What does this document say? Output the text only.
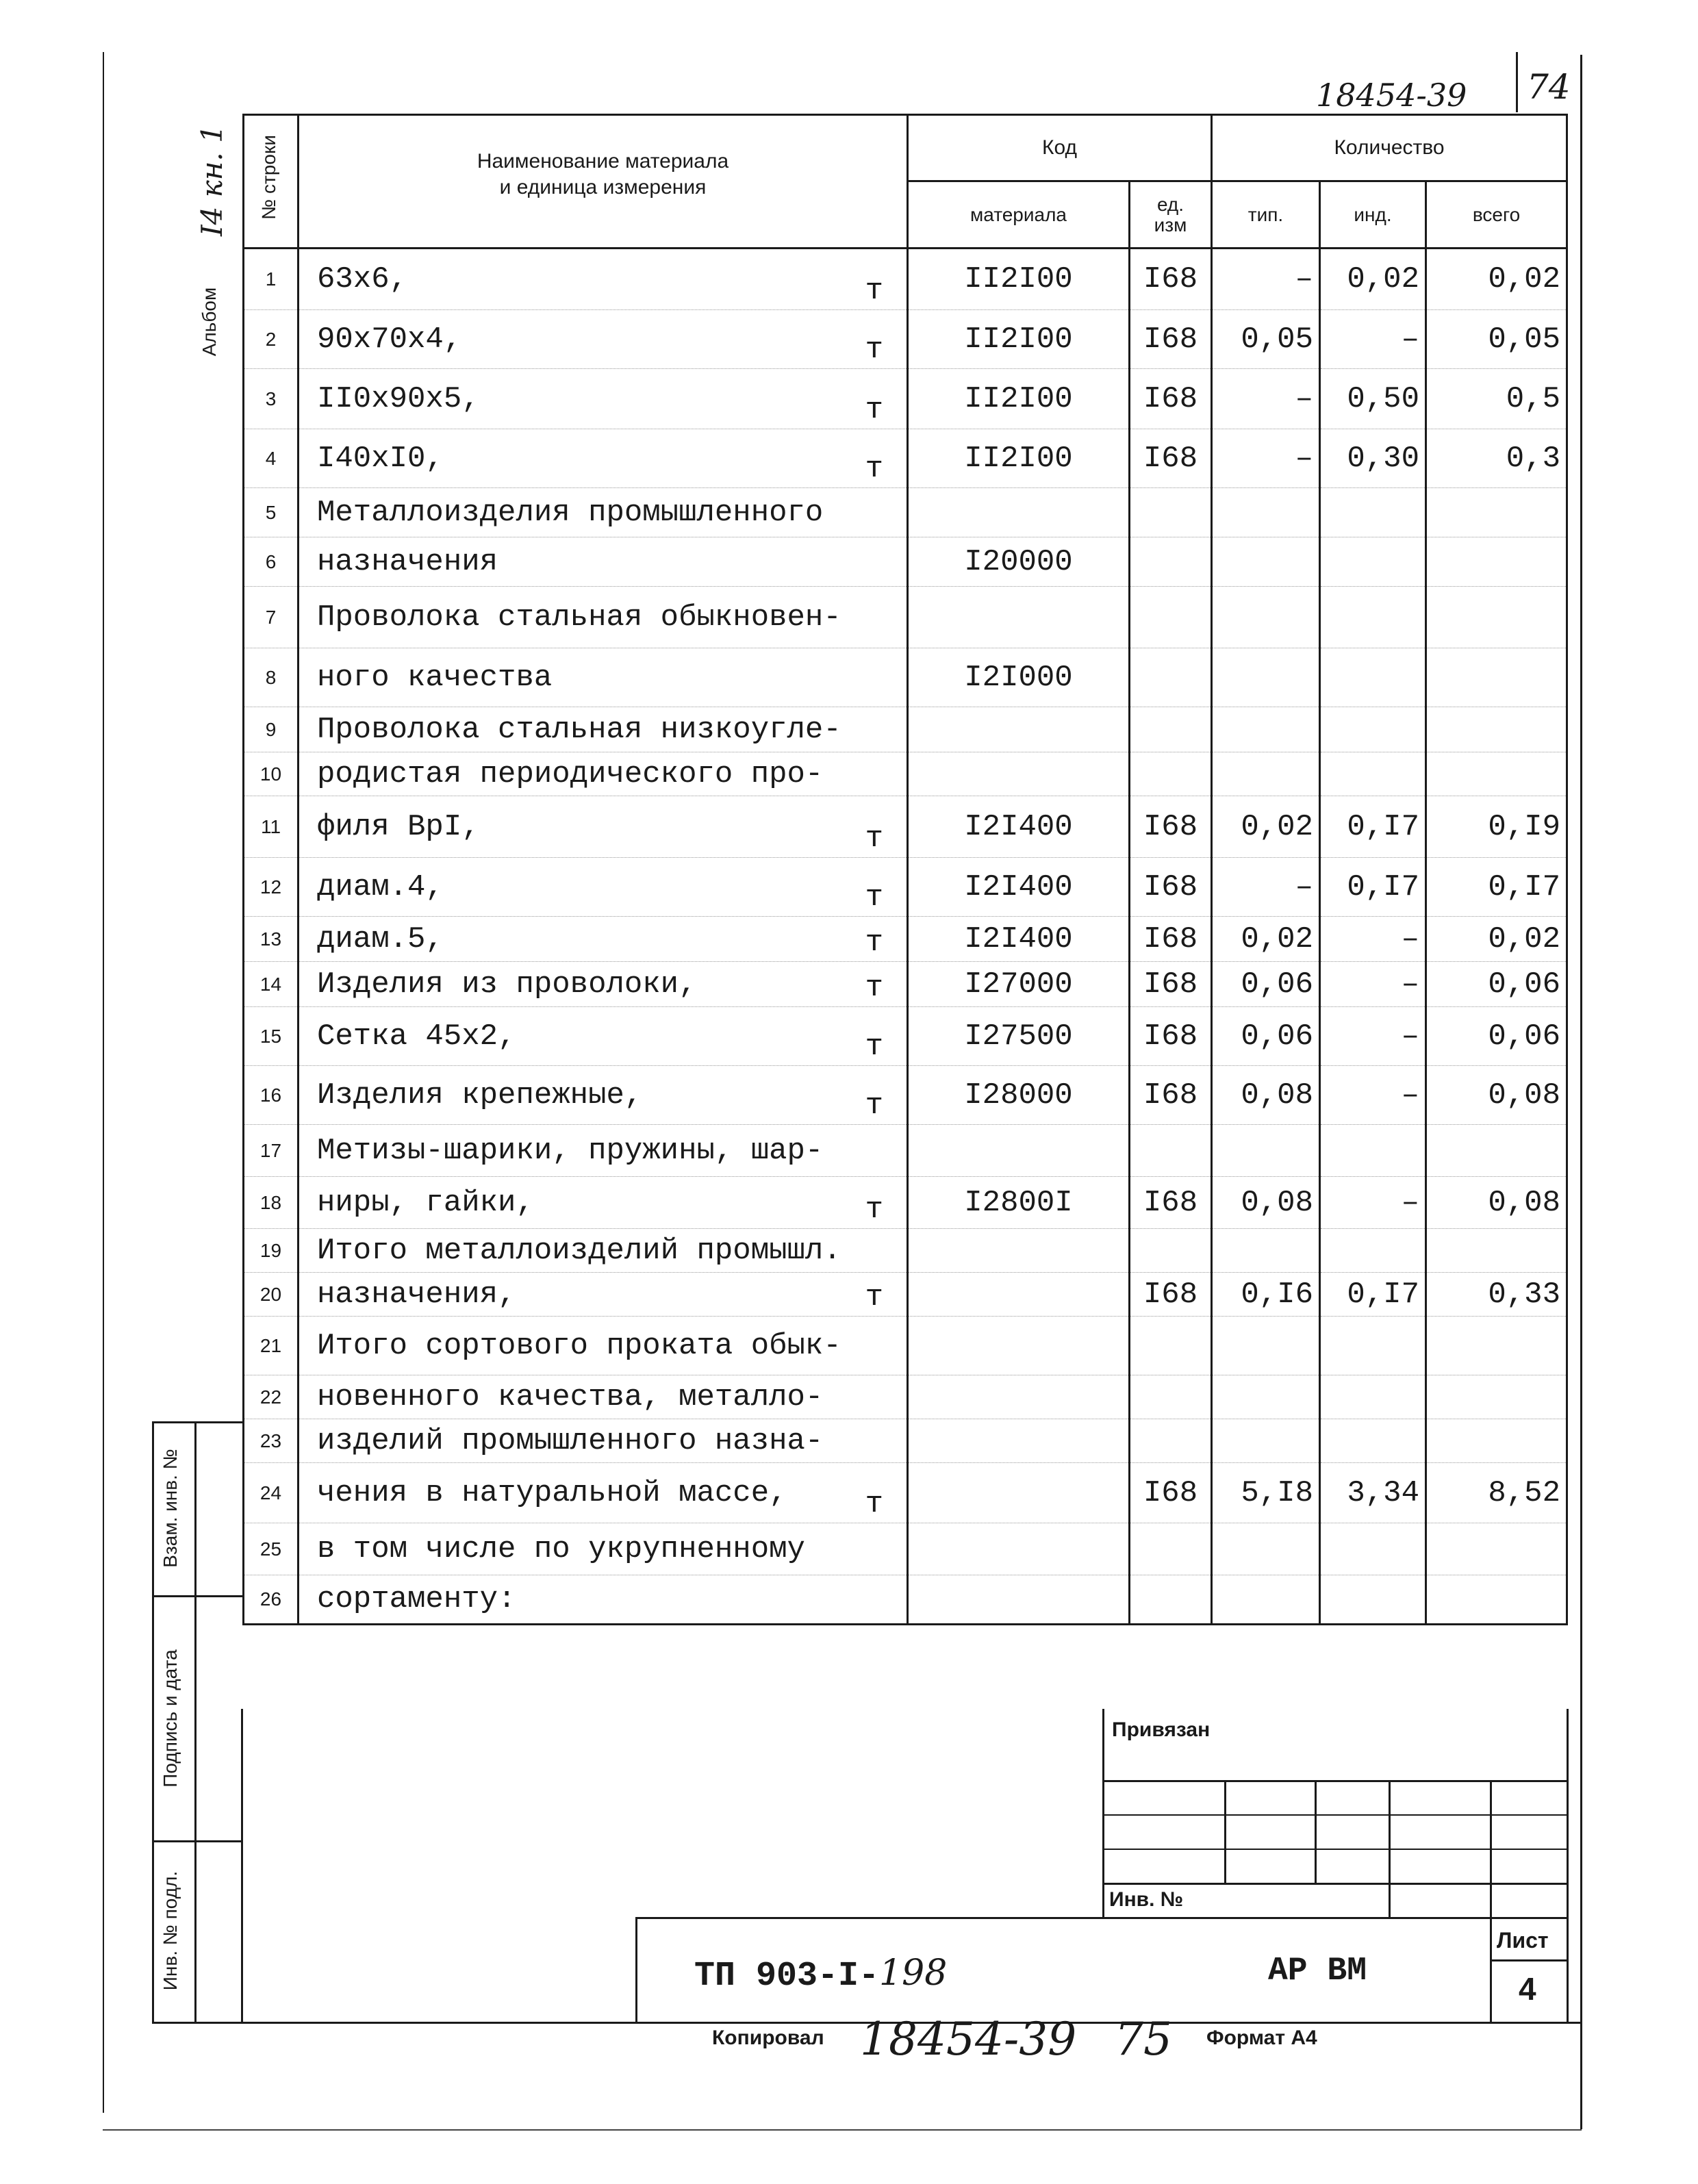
18454-39 74
Альбом
I4 кн. 1 № строки	Наименование материала
и единица измерения	Код		Количество		
		материала	ед.
изм	тип.	инд.	всего
1	63x6, т	II2I00	I68	–	0,02	0,02
2	90x70x4, т	II2I00	I68	0,05	–	0,05
3	II0x90x5, т	II2I00	I68	–	0,50	0,5
4	I40xI0, т	II2I00	I68	–	0,30	0,3
5	Металлоизделия промышленного					
6	назначения	I20000				
7	Проволока стальная обыкновен-					
8	ного качества	I2I000				
9	Проволока стальная низкоугле-					
10	родистая периодического про-					
11	филя BpI, т	I2I400	I68	0,02	0,I7	0,I9
12	диам.4, т	I2I400	I68	–	0,I7	0,I7
13	диам.5, т	I2I400	I68	0,02	–	0,02
14	Изделия из проволоки, т	I27000	I68	0,06	–	0,06
15	Сетка 45x2, т	I27500	I68	0,06	–	0,06
16	Изделия крепежные, т	I28000	I68	0,08	–	0,08
17	Метизы-шарики, пружины, шар-					
18	ниры, гайки, т	I2800I	I68	0,08	–	0,08
19	Итого металлоизделий промышл.					
20	назначения, т		I68	0,I6	0,I7	0,33
21	Итого сортового проката обык-					
22	новенного качества, металло-					
23	изделий промышленного назна-					
24	чения в натуральной массе, т		I68	5,I8	3,34	8,52
25	в том числе по укрупненному					
26	сортаменту:					
Взам. инв. №
Подпись и дата
Инв. № подл.
Привязан
Инв. №
ТП 903-I-198	АР ВМ
Лист
4
Копировал 18454-39 75 Формат А4
